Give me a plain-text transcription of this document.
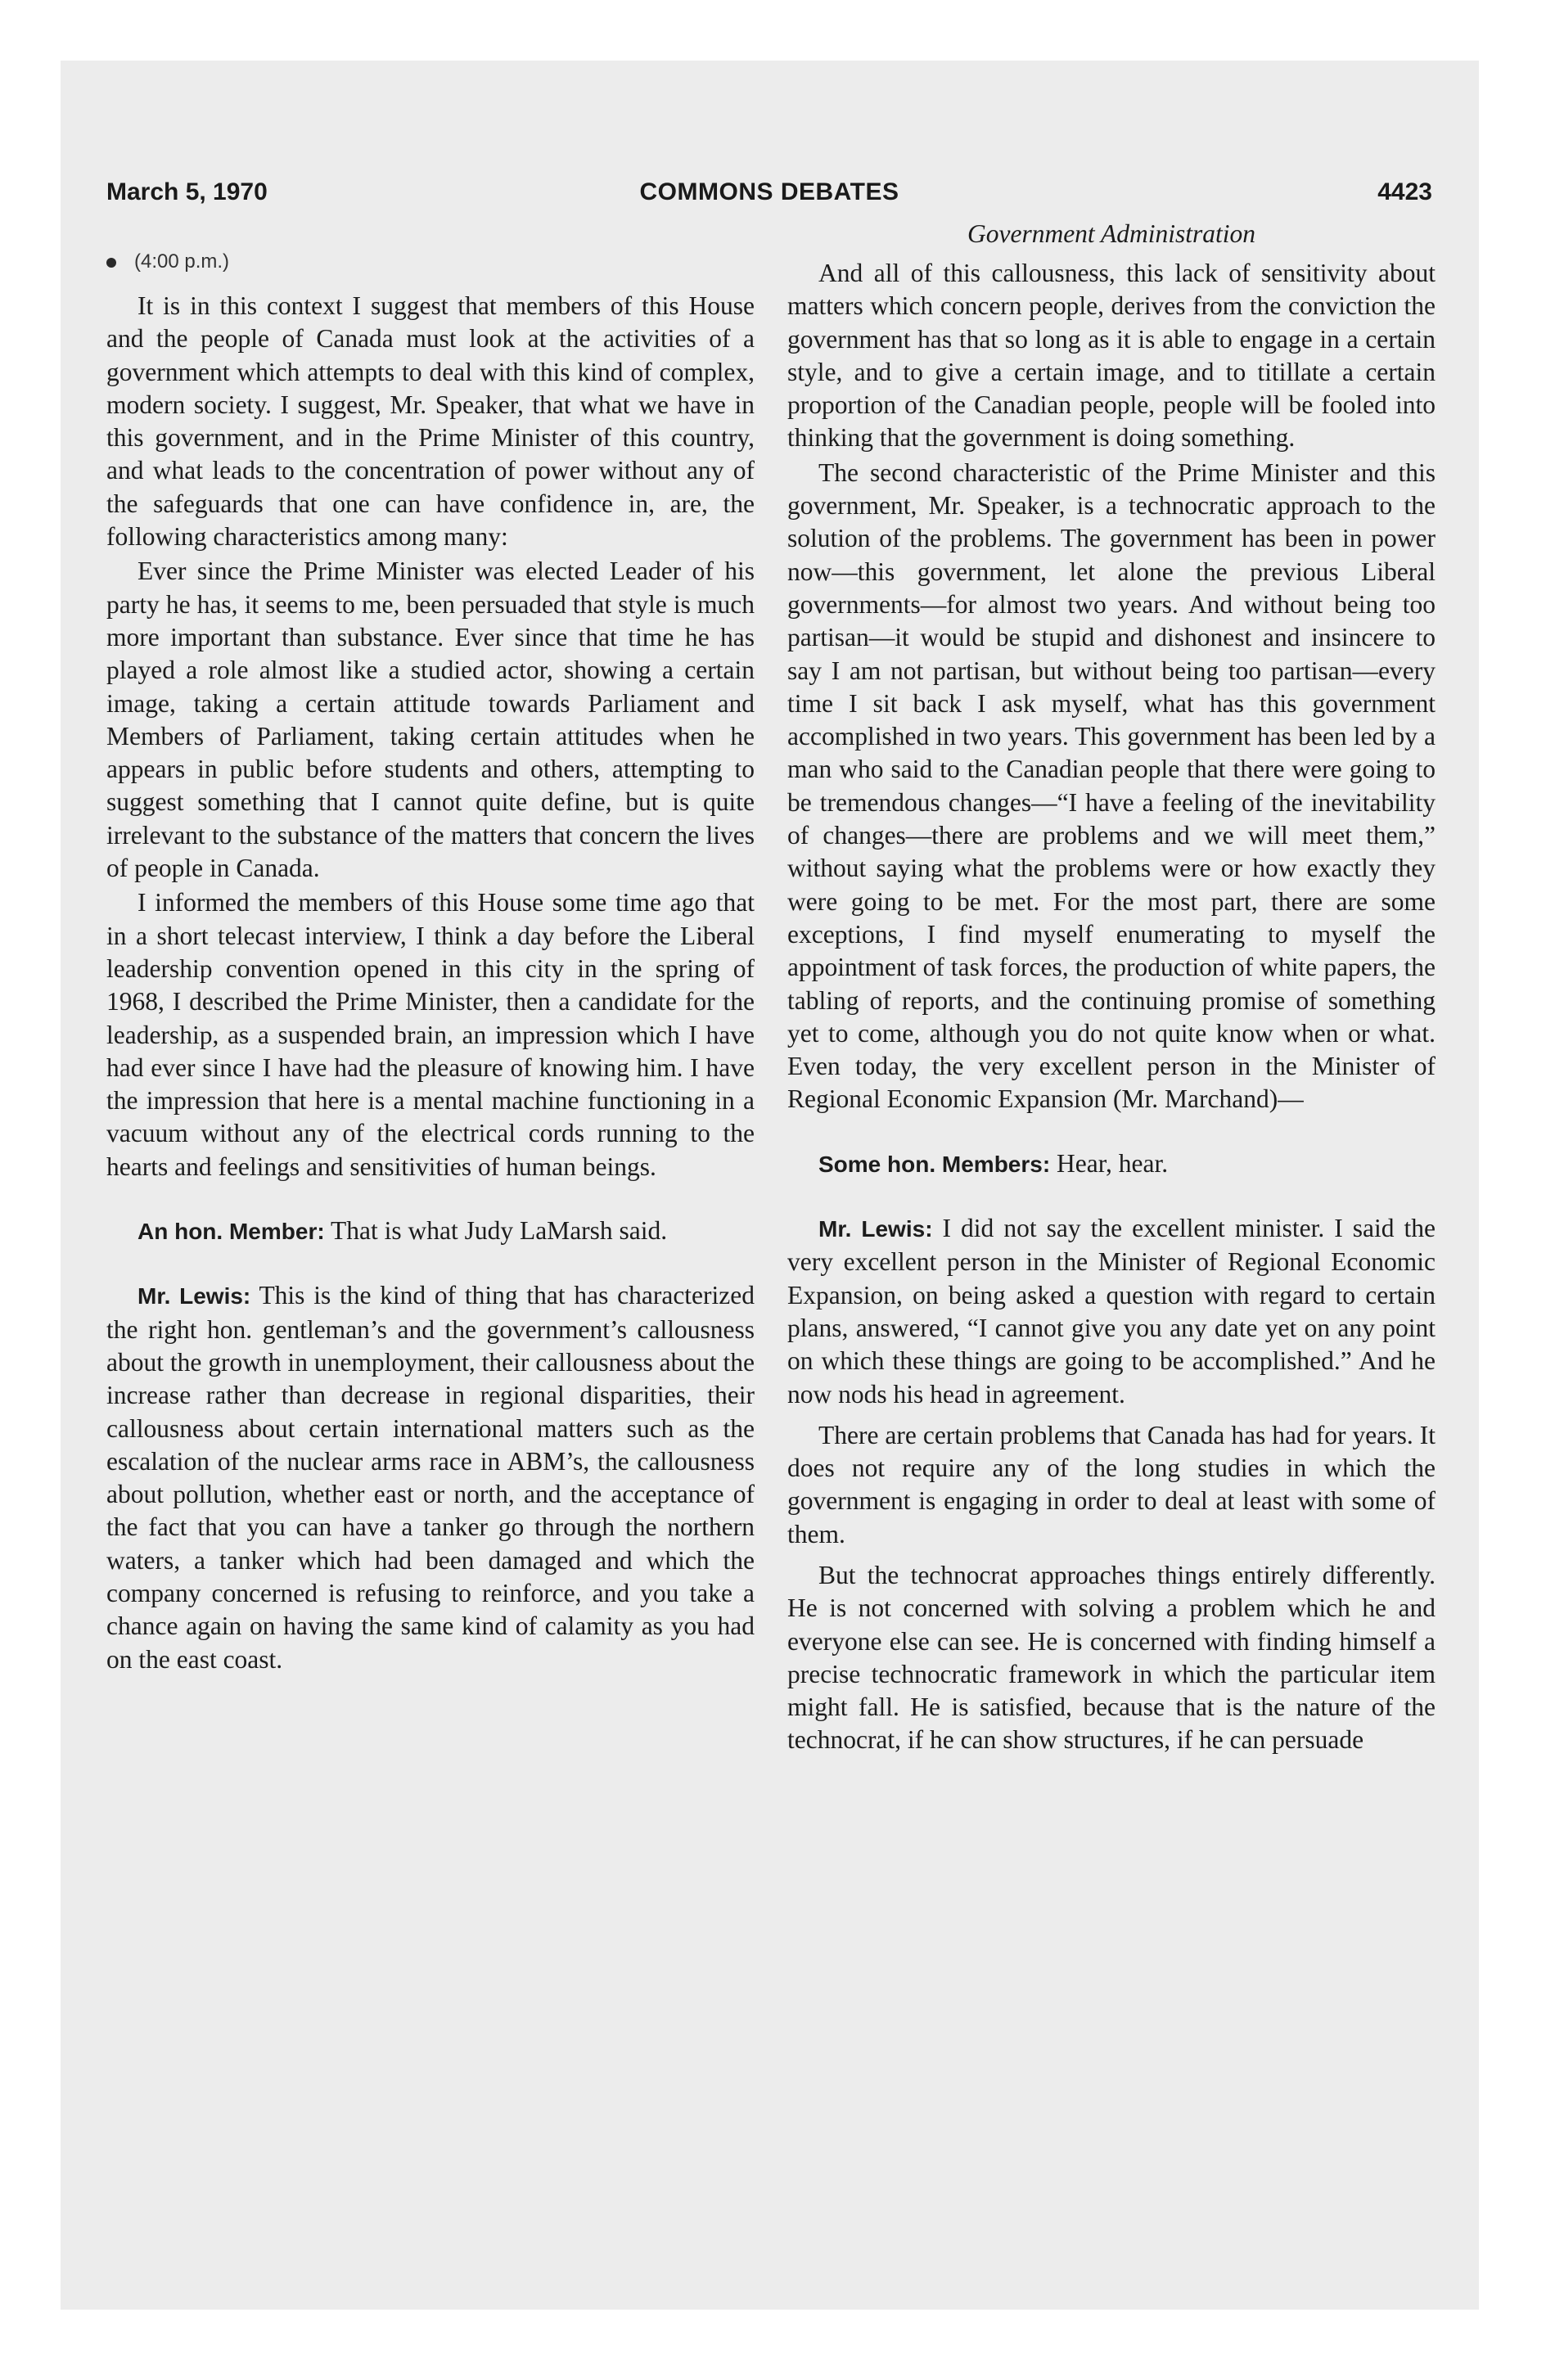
March 5, 1970	COMMONS DEBATES	4423
(4:00 p.m.)

It is in this context I suggest that members of this House and the people of Canada must look at the activities of a government which attempts to deal with this kind of complex, modern society. I suggest, Mr. Speaker, that what we have in this government, and in the Prime Minister of this country, and what leads to the concentration of power without any of the safeguards that one can have confidence in, are, the following characteristics among many:

Ever since the Prime Minister was elected Leader of his party he has, it seems to me, been persuaded that style is much more important than substance. Ever since that time he has played a role almost like a studied actor, showing a certain image, taking a certain attitude towards Parliament and Members of Parliament, taking certain attitudes when he appears in public before students and others, attempting to suggest something that I cannot quite define, but is quite irrelevant to the substance of the matters that concern the lives of people in Canada.

I informed the members of this House some time ago that in a short telecast interview, I think a day before the Liberal leadership convention opened in this city in the spring of 1968, I described the Prime Minister, then a candidate for the leadership, as a suspended brain, an impression which I have had ever since I have had the pleasure of knowing him. I have the impression that here is a mental machine functioning in a vacuum without any of the electrical cords running to the hearts and feelings and sensitivities of human beings.

An hon. Member: That is what Judy LaMarsh said.

Mr. Lewis: This is the kind of thing that has characterized the right hon. gentleman’s and the government’s callousness about the growth in unemployment, their callousness about the increase rather than decrease in regional disparities, their callousness about certain international matters such as the escalation of the nuclear arms race in ABM’s, the callousness about pollution, whether east or north, and the acceptance of the fact that you can have a tanker go through the northern waters, a tanker which had been damaged and which the company concerned is refusing to reinforce, and you take a chance again on having the same kind of calamity as you had on the east coast.

Government Administration

And all of this callousness, this lack of sensitivity about matters which concern people, derives from the conviction the government has that so long as it is able to engage in a certain style, and to give a certain image, and to titillate a certain proportion of the Canadian people, people will be fooled into thinking that the government is doing something.

The second characteristic of the Prime Minister and this government, Mr. Speaker, is a technocratic approach to the solution of the problems. The government has been in power now—this government, let alone the previous Liberal governments—for almost two years. And without being too partisan—it would be stupid and dishonest and insincere to say I am not partisan, but without being too partisan—every time I sit back I ask myself, what has this government accomplished in two years. This government has been led by a man who said to the Canadian people that there were going to be tremendous changes—“I have a feeling of the inevitability of changes—there are problems and we will meet them,” without saying what the problems were or how exactly they were going to be met. For the most part, there are some exceptions, I find myself enumerating to myself the appointment of task forces, the production of white papers, the tabling of reports, and the continuing promise of something yet to come, although you do not quite know when or what. Even today, the very excellent person in the Minister of Regional Economic Expansion (Mr. Marchand)—

Some hon. Members: Hear, hear.

Mr. Lewis: I did not say the excellent minister. I said the very excellent person in the Minister of Regional Economic Expansion, on being asked a question with regard to certain plans, answered, “I cannot give you any date yet on any point on which these things are going to be accomplished.” And he now nods his head in agreement.

There are certain problems that Canada has had for years. It does not require any of the long studies in which the government is engaging in order to deal at least with some of them.

But the technocrat approaches things entirely differently. He is not concerned with solving a problem which he and everyone else can see. He is concerned with finding himself a precise technocratic framework in which the particular item might fall. He is satisfied, because that is the nature of the technocrat, if he can show structures, if he can persuade
